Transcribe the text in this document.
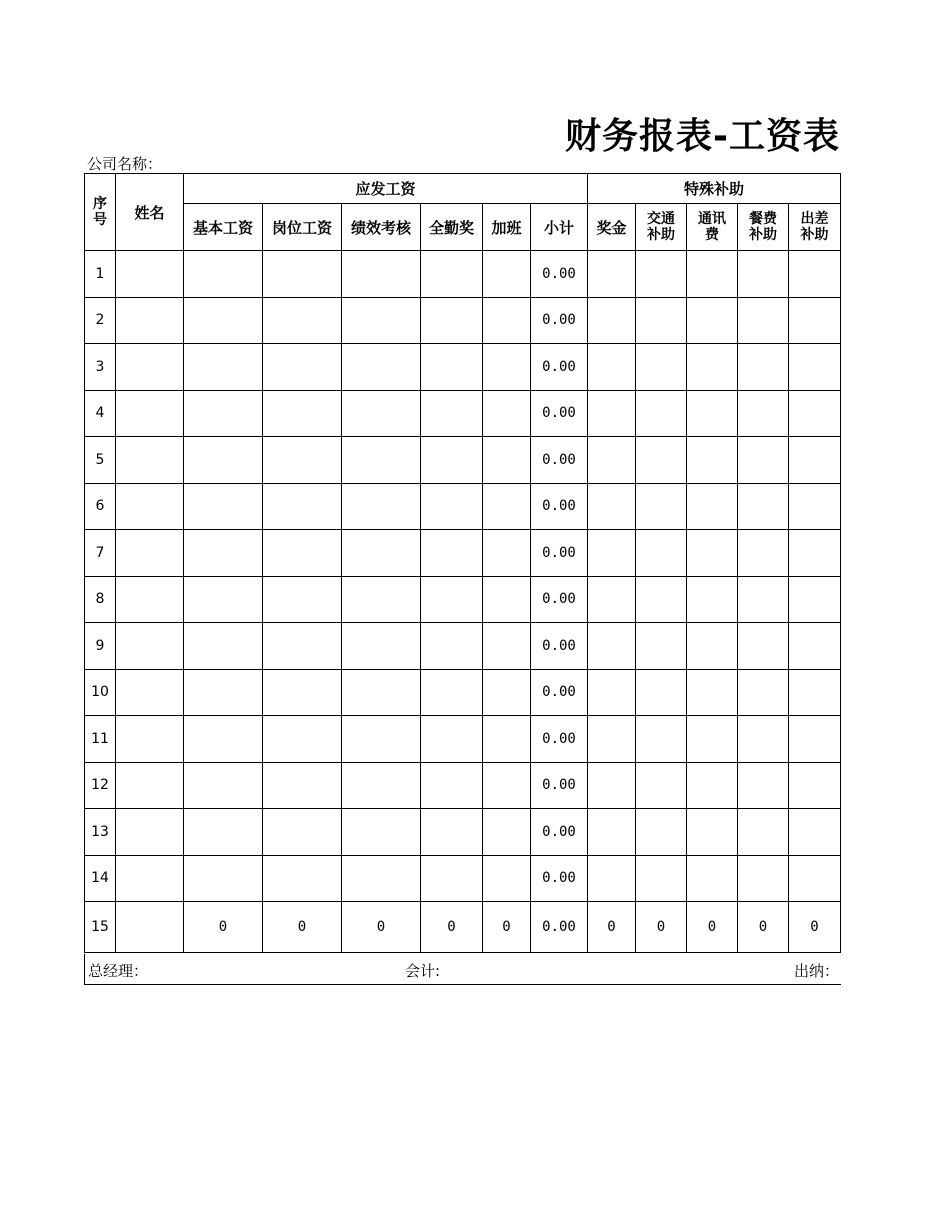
财务报表-工资表
公司名称：
序号	姓名	应发工资						特殊补助				
		基本工资	岗位工资	绩效考核	全勤奖	加班	小计	奖金	交通补助	通讯费	餐费补助	出差补助

1							0.00					
2							0.00					
3							0.00					
4							0.00					
5							0.00					
6							0.00					
7							0.00					
8							0.00					
9							0.00					
10							0.00					
11							0.00					
12							0.00					
13							0.00					
14							0.00					
15		0	0	0	0	0	0.00	0	0	0	0	0
总经理：	会计:	出纳：
